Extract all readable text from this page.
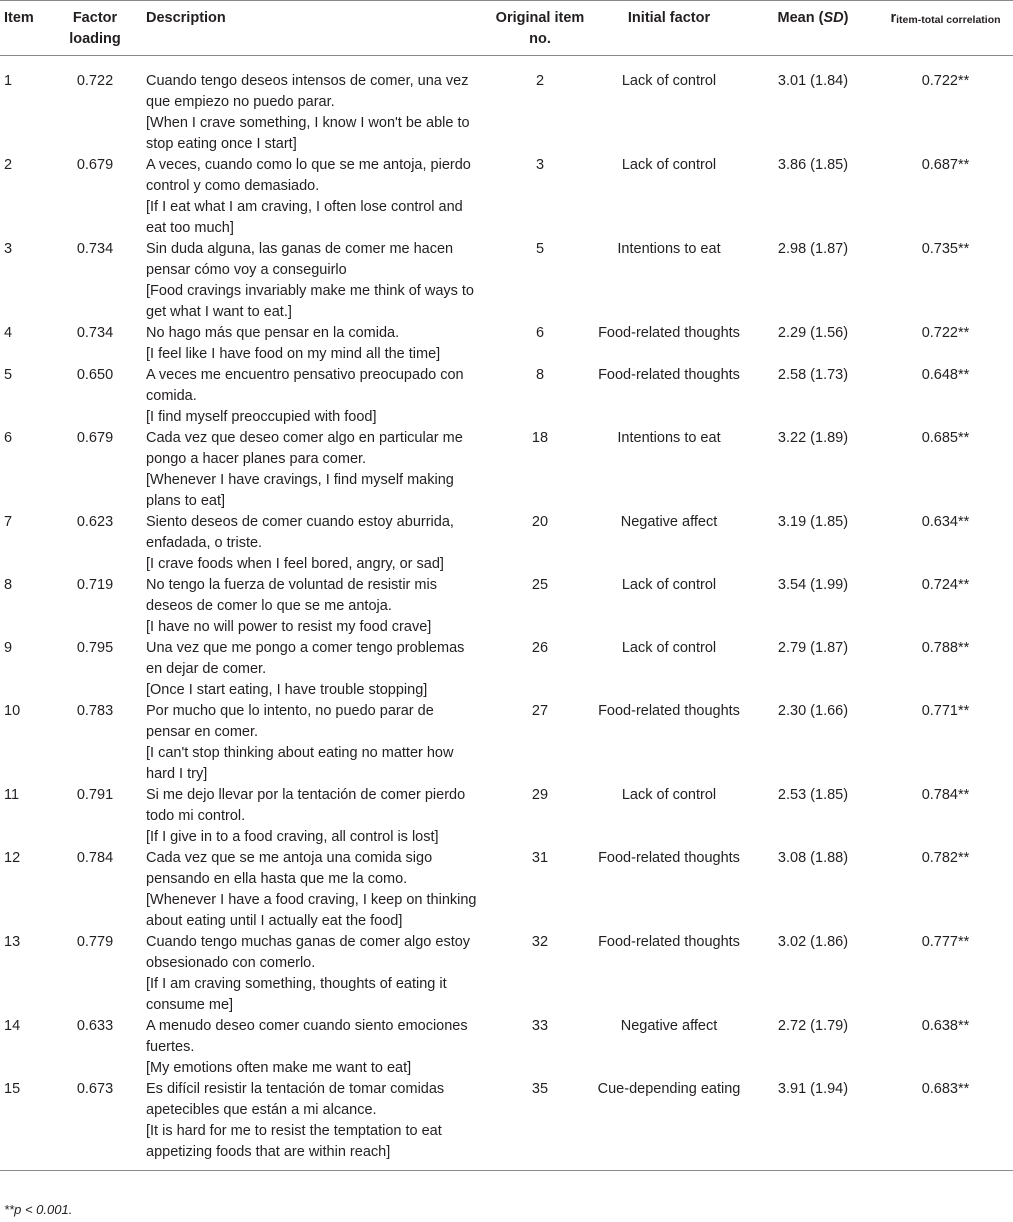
Item	Factor loading	Description	Original item no.	Initial factor	Mean (SD)	ritem-total correlation
1	0.722	Cuando tengo deseos intensos de comer, una vez
que empiezo no puedo parar.
[When I crave something, I know I won't be able to
stop eating once I start]	2	Lack of control	3.01 (1.84)	0.722**
2	0.679	A veces, cuando como lo que se me antoja, pierdo
control y como demasiado.
[If I eat what I am craving, I often lose control and
eat too much]	3	Lack of control	3.86 (1.85)	0.687**
3	0.734	Sin duda alguna, las ganas de comer me hacen
pensar cómo voy a conseguirlo
[Food cravings invariably make me think of ways to
get what I want to eat.]	5	Intentions to eat	2.98 (1.87)	0.735**
4	0.734	No hago más que pensar en la comida.
[I feel like I have food on my mind all the time]	6	Food-related thoughts	2.29 (1.56)	0.722**
5	0.650	A veces me encuentro pensativo preocupado con
comida.
[I find myself preoccupied with food]	8	Food-related thoughts	2.58 (1.73)	0.648**
6	0.679	Cada vez que deseo comer algo en particular me
pongo a hacer planes para comer.
[Whenever I have cravings, I find myself making
plans to eat]	18	Intentions to eat	3.22 (1.89)	0.685**
7	0.623	Siento deseos de comer cuando estoy aburrida,
enfadada, o triste.
[I crave foods when I feel bored, angry, or sad]	20	Negative affect	3.19 (1.85)	0.634**
8	0.719	No tengo la fuerza de voluntad de resistir mis
deseos de comer lo que se me antoja.
[I have no will power to resist my food crave]	25	Lack of control	3.54 (1.99)	0.724**
9	0.795	Una vez que me pongo a comer tengo problemas
en dejar de comer.
[Once I start eating, I have trouble stopping]	26	Lack of control	2.79 (1.87)	0.788**
10	0.783	Por mucho que lo intento, no puedo parar de
pensar en comer.
[I can't stop thinking about eating no matter how
hard I try]	27	Food-related thoughts	2.30 (1.66)	0.771**
11	0.791	Si me dejo llevar por la tentación de comer pierdo
todo mi control.
[If I give in to a food craving, all control is lost]	29	Lack of control	2.53 (1.85)	0.784**
12	0.784	Cada vez que se me antoja una comida sigo
pensando en ella hasta que me la como.
[Whenever I have a food craving, I keep on thinking
about eating until I actually eat the food]	31	Food-related thoughts	3.08 (1.88)	0.782**
13	0.779	Cuando tengo muchas ganas de comer algo estoy
obsesionado con comerlo.
[If I am craving something, thoughts of eating it
consume me]	32	Food-related thoughts	3.02 (1.86)	0.777**
14	0.633	A menudo deseo comer cuando siento emociones
fuertes.
[My emotions often make me want to eat]	33	Negative affect	2.72 (1.79)	0.638**
15	0.673	Es difícil resistir la tentación de tomar comidas
apetecibles que están a mi alcance.
[It is hard for me to resist the temptation to eat
appetizing foods that are within reach]	35	Cue-depending eating	3.91 (1.94)	0.683**
**p < 0.001.
